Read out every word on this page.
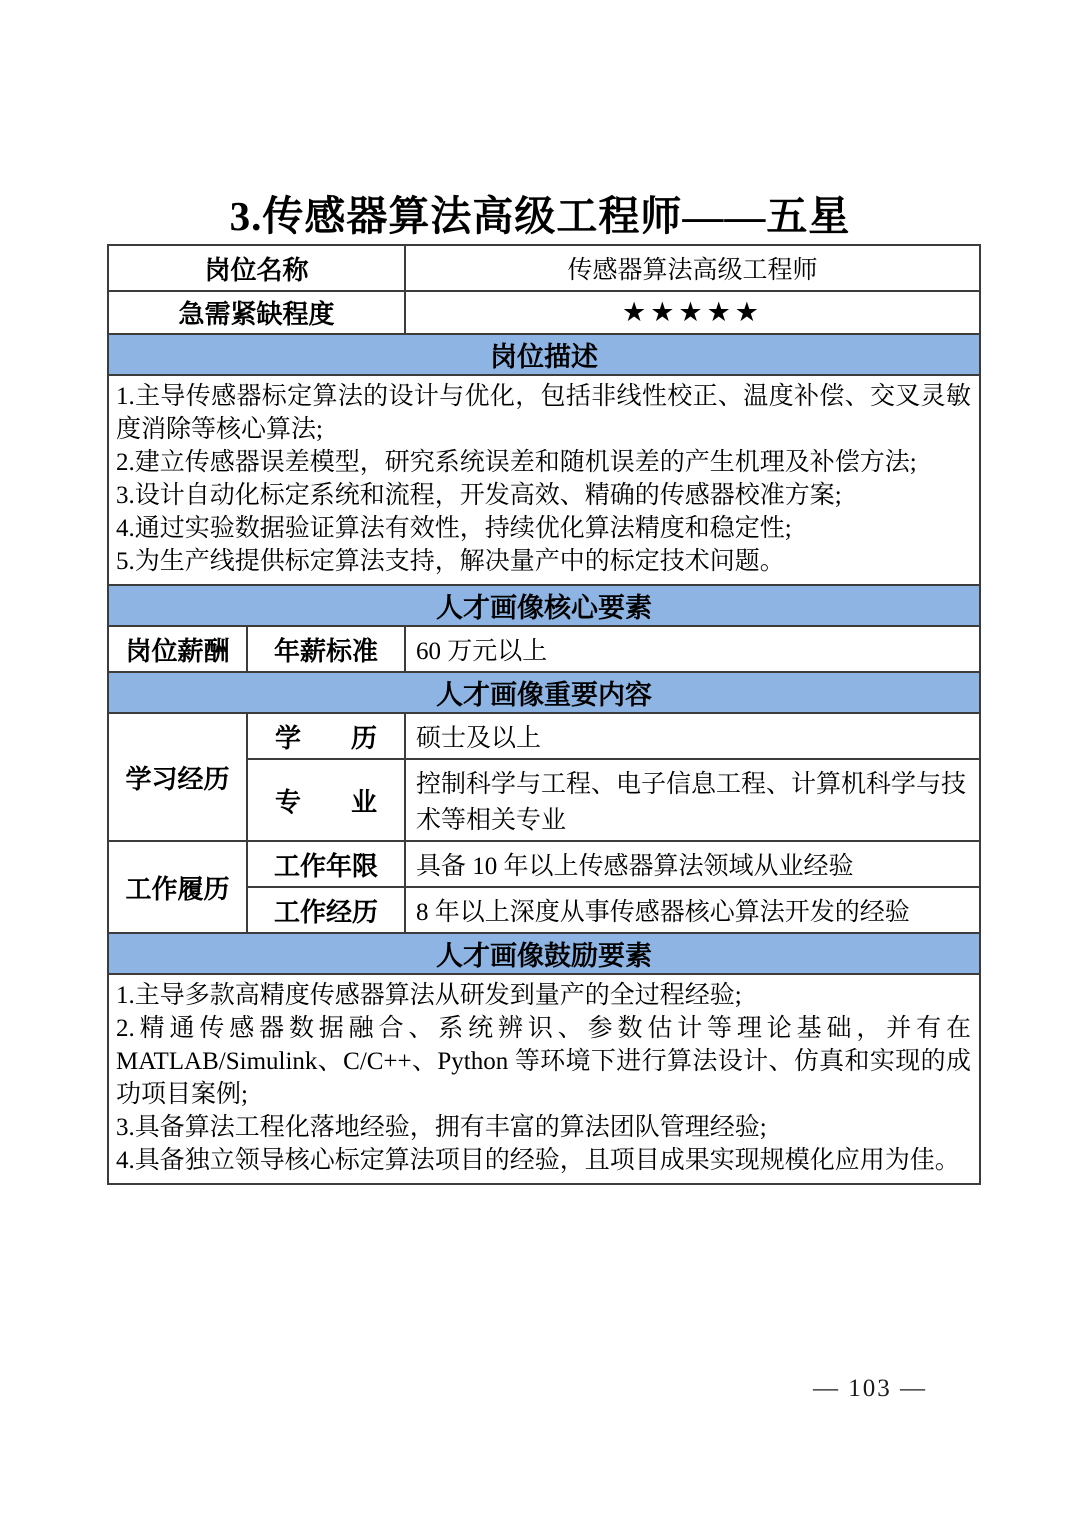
3.传感器算法高级工程师——五星
岗位名称		传感器算法高级工程师
急需紧缺程度		★★★★★
岗位描述		

1.主导传感器标定算法的设计与优化，包括非线性校正、温度补偿、交叉灵敏度消除等核心算法;

2.建立传感器误差模型，研究系统误差和随机误差的产生机理及补偿方法;

3.设计自动化标定系统和流程，开发高效、精确的传感器校准方案;

4.通过实验数据验证算法有效性，持续优化算法精度和稳定性;

5.为生产线提供标定算法支持，解决量产中的标定技术问题。		

人才画像核心要素		
岗位薪酬	年薪标准	60 万元以上
人才画像重要内容		
学习经历	学历	硕士及以上

	专业	控制科学与工程、电子信息工程、计算机科学与技术等相关专业
工作履历	工作年限	具备 10 年以上传感器算法领域从业经验
	工作经历	8 年以上深度从事传感器核心算法开发的经验
人才画像鼓励要素		

1.主导多款高精度传感器算法从研发到量产的全过程经验;

2.精通传感器数据融合、系统辨识、参数估计等理论基础，并有在MATLAB/Simulink、C/C++、Python 等环境下进行算法设计、仿真和实现的成功项目案例;

3.具备算法工程化落地经验，拥有丰富的算法团队管理经验;

4.具备独立领导核心标定算法项目的经验，且项目成果实现规模化应用为佳。		

— 103 —
